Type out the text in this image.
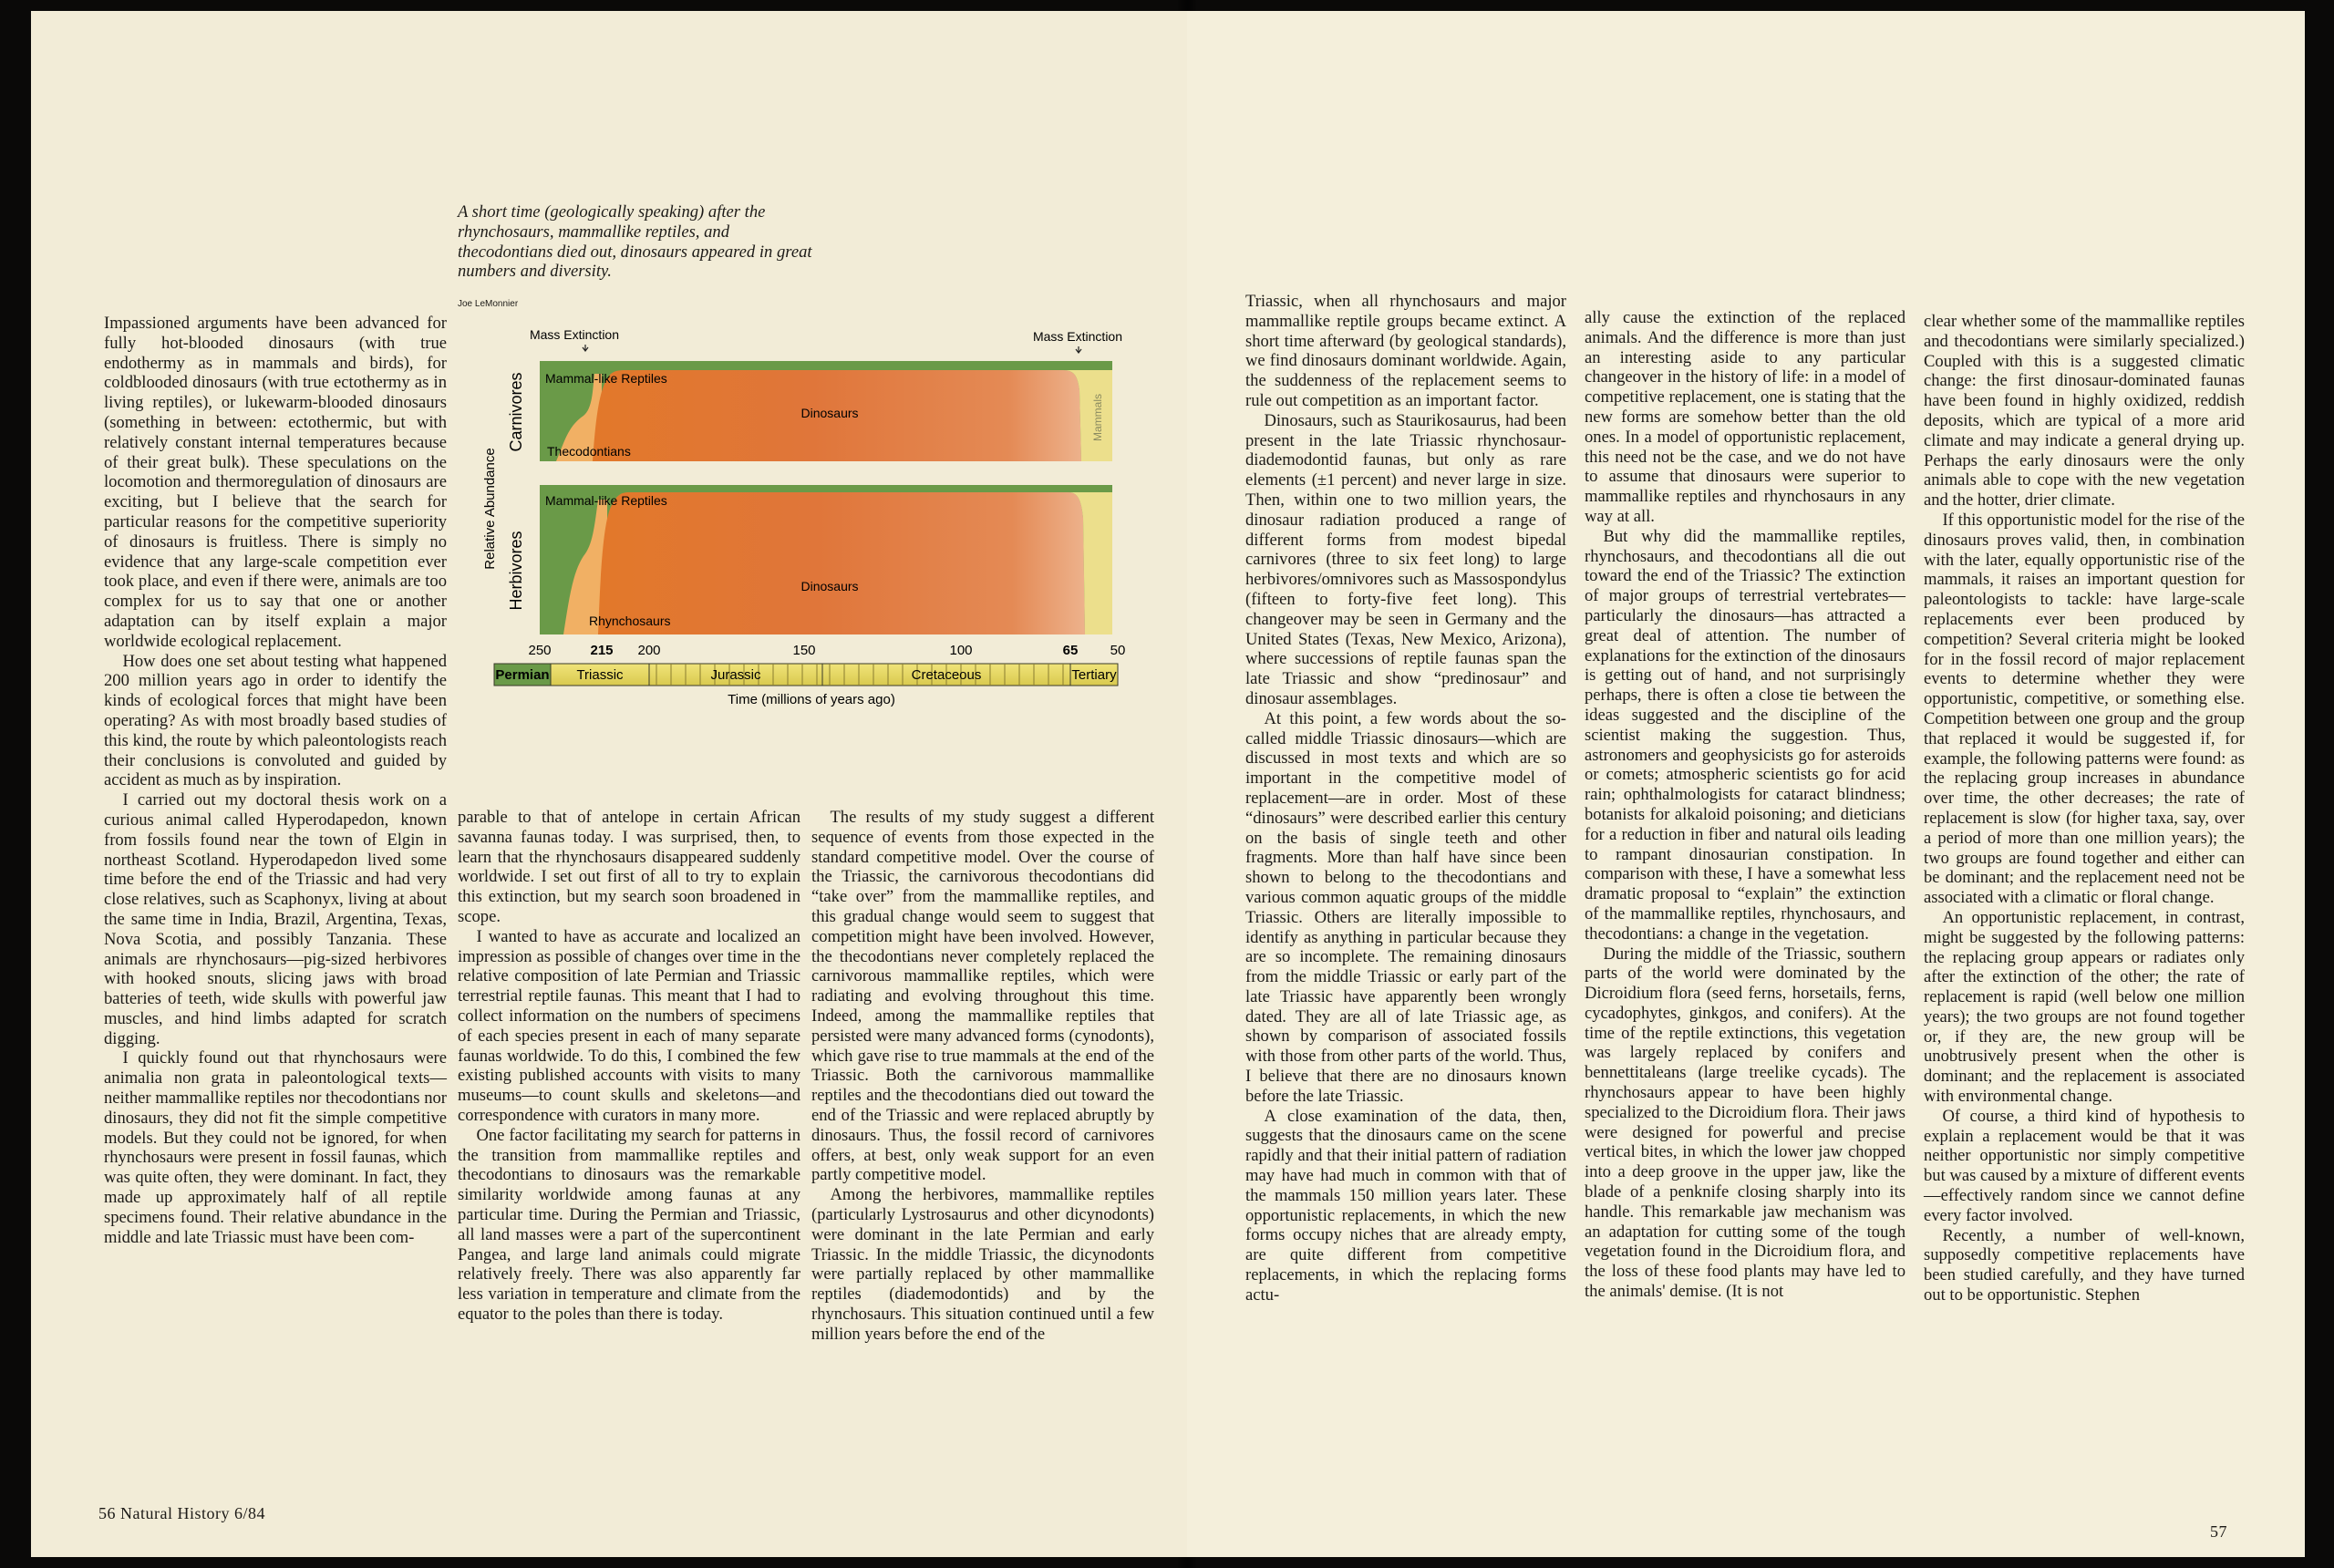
A short time (geologically speaking) after the rhynchosaurs, mammallike reptiles, and thecodontians died out, dinosaurs appeared in great numbers and diversity.
Joe LeMonnier
Mass Extinction	Mass Extinction
Relative Abundance
Carnivores
Herbivores
Mammal-like Reptiles
Thecodontians
Dinosaurs	Mammals
Mammal-like Reptiles
Rhynchosaurs
Dinosaurs
250	215 200	150	100	65 50
Permian Triassic	Jurassic	Cretaceous	Tertiary
Time (millions of years ago)

Impassioned arguments have been advanced for fully hot-blooded dinosaurs (with true endothermy as in mammals and birds), for coldblooded dinosaurs (with true ectothermy as in living reptiles), or lukewarm-blooded dinosaurs (something in between: ectothermic, but with relatively constant internal temperatures because of their great bulk). These speculations on the locomotion and thermoregulation of dinosaurs are exciting, but I believe that the search for particular reasons for the competitive superiority of dinosaurs is fruitless. There is simply no evidence that any large-scale competition ever took place, and even if there were, animals are too complex for us to say that one or another adaptation can by itself explain a major worldwide ecological replacement.

How does one set about testing what happened 200 million years ago in order to identify the kinds of ecological forces that might have been operating? As with most broadly based studies of this kind, the route by which paleontologists reach their conclusions is convoluted and guided by accident as much as by inspiration.

I carried out my doctoral thesis work on a curious animal called Hyperodapedon, known from fossils found near the town of Elgin in northeast Scotland. Hyperodapedon lived some time before the end of the Triassic and had very close relatives, such as Scaphonyx, living at about the same time in India, Brazil, Argentina, Texas, Nova Scotia, and possibly Tanzania. These animals are rhynchosaurs—pig-sized herbivores with hooked snouts, slicing jaws with broad batteries of teeth, wide skulls with powerful jaw muscles, and hind limbs adapted for scratch digging.

I quickly found out that rhynchosaurs were animalia non grata in paleontological texts—neither mammallike reptiles nor thecodontians nor dinosaurs, they did not fit the simple competitive models. But they could not be ignored, for when rhynchosaurs were present in fossil faunas, which was quite often, they were dominant. In fact, they made up approximately half of all reptile specimens found. Their relative abundance in the middle and late Triassic must have been com-

parable to that of antelope in certain African savanna faunas today. I was surprised, then, to learn that the rhynchosaurs disappeared suddenly worldwide. I set out first of all to try to explain this extinction, but my search soon broadened in scope.

I wanted to have as accurate and localized an impression as possible of changes over time in the relative composition of late Permian and Triassic terrestrial reptile faunas. This meant that I had to collect information on the numbers of specimens of each species present in each of many separate faunas worldwide. To do this, I combined the few existing published accounts with visits to many museums—to count skulls and skeletons—and correspondence with curators in many more.

One factor facilitating my search for patterns in the transition from mammallike reptiles and thecodontians to dinosaurs was the remarkable similarity worldwide among faunas at any particular time. During the Permian and Triassic, all land masses were a part of the supercontinent Pangea, and large land animals could migrate relatively freely. There was also apparently far less variation in temperature and climate from the equator to the poles than there is today.

The results of my study suggest a different sequence of events from those expected in the standard competitive model. Over the course of the Triassic, the carnivorous thecodontians did “take over” from the mammallike reptiles, and this gradual change would seem to suggest that competition might have been involved. However, the thecodontians never completely replaced the carnivorous mammallike reptiles, which were radiating and evolving throughout this time. Indeed, among the mammallike reptiles that persisted were many advanced forms (cynodonts), which gave rise to true mammals at the end of the Triassic. Both the carnivorous mammallike reptiles and the thecodontians died out toward the end of the Triassic and were replaced abruptly by dinosaurs. Thus, the fossil record of carnivores offers, at best, only weak support for an even partly competitive model.

Among the herbivores, mammallike reptiles (particularly Lystrosaurus and other dicynodonts) were dominant in the late Permian and early Triassic. In the middle Triassic, the dicynodonts were partially replaced by other mammallike reptiles (diademodontids) and by the rhynchosaurs. This situation continued until a few million years before the end of the

56 Natural History 6/84

Triassic, when all rhynchosaurs and major mammallike reptile groups became extinct. A short time afterward (by geological standards), we find dinosaurs dominant worldwide. Again, the suddenness of the replacement seems to rule out competition as an important factor.

Dinosaurs, such as Staurikosaurus, had been present in the late Triassic rhynchosaur-diademodontid faunas, but only as rare elements (±1 percent) and never large in size. Then, within one to two million years, the dinosaur radiation produced a range of different forms from modest bipedal carnivores (three to six feet long) to large herbivores/omnivores such as Massospondylus (fifteen to forty-five feet long). This changeover may be seen in Germany and the United States (Texas, New Mexico, Arizona), where successions of reptile faunas span the late Triassic and show “predinosaur” and dinosaur assemblages.

At this point, a few words about the so-called middle Triassic dinosaurs—which are discussed in most texts and which are so important in the competitive model of replacement—are in order. Most of these “dinosaurs” were described earlier this century on the basis of single teeth and other fragments. More than half have since been shown to belong to the thecodontians and various common aquatic groups of the middle Triassic. Others are literally impossible to identify as anything in particular because they are so incomplete. The remaining dinosaurs from the middle Triassic or early part of the late Triassic have apparently been wrongly dated. They are all of late Triassic age, as shown by comparison of associated fossils with those from other parts of the world. Thus, I believe that there are no dinosaurs known before the late Triassic.

A close examination of the data, then, suggests that the dinosaurs came on the scene rapidly and that their initial pattern of radiation may have had much in common with that of the mammals 150 million years later. These opportunistic replacements, in which the new forms occupy niches that are already empty, are quite different from competitive replacements, in which the replacing forms actu-

ally cause the extinction of the replaced animals. And the difference is more than just an interesting aside to any particular changeover in the history of life: in a model of competitive replacement, one is stating that the new forms are somehow better than the old ones. In a model of opportunistic replacement, this need not be the case, and we do not have to assume that dinosaurs were superior to mammallike reptiles and rhynchosaurs in any way at all.

But why did the mammallike reptiles, rhynchosaurs, and thecodontians all die out toward the end of the Triassic? The extinction of major groups of terrestrial vertebrates—particularly the dinosaurs—has attracted a great deal of attention. The number of explanations for the extinction of the dinosaurs is getting out of hand, and not surprisingly perhaps, there is often a close tie between the ideas suggested and the discipline of the scientist making the suggestion. Thus, astronomers and geophysicists go for asteroids or comets; atmospheric scientists go for acid rain; ophthalmologists for cataract blindness; botanists for alkaloid poisoning; and dieticians for a reduction in fiber and natural oils leading to rampant dinosaurian constipation. In comparison with these, I have a somewhat less dramatic proposal to “explain” the extinction of the mammallike reptiles, rhynchosaurs, and thecodontians: a change in the vegetation.

During the middle of the Triassic, southern parts of the world were dominated by the Dicroidium flora (seed ferns, horsetails, ferns, cycadophytes, ginkgos, and conifers). At the time of the reptile extinctions, this vegetation was largely replaced by conifers and bennettitaleans (large treelike cycads). The rhynchosaurs appear to have been highly specialized to the Dicroidium flora. Their jaws were designed for powerful and precise vertical bites, in which the lower jaw chopped into a deep groove in the upper jaw, like the blade of a penknife closing sharply into its handle. This remarkable jaw mechanism was an adaptation for cutting some of the tough vegetation found in the Dicroidium flora, and the loss of these food plants may have led to the animals' demise. (It is not

clear whether some of the mammallike reptiles and thecodontians were similarly specialized.) Coupled with this is a suggested climatic change: the first dinosaur-dominated faunas have been found in highly oxidized, reddish deposits, which are typical of a more arid climate and may indicate a general drying up. Perhaps the early dinosaurs were the only animals able to cope with the new vegetation and the hotter, drier climate.

If this opportunistic model for the rise of the dinosaurs proves valid, then, in combination with the later, equally opportunistic rise of the mammals, it raises an important question for paleontologists to tackle: have large-scale replacements ever been produced by competition? Several criteria might be looked for in the fossil record of major replacement events to determine whether they were opportunistic, competitive, or something else. Competition between one group and the group that replaced it would be suggested if, for example, the following patterns were found: as the replacing group increases in abundance over time, the other decreases; the rate of replacement is slow (for higher taxa, say, over a period of more than one million years); the two groups are found together and either can be dominant; and the replacement need not be associated with a climatic or floral change.

An opportunistic replacement, in contrast, might be suggested by the following patterns: the replacing group appears or radiates only after the extinction of the other; the rate of replacement is rapid (well below one million years); the two groups are not found together or, if they are, the new group will be unobtrusively present when the other is dominant; and the replacement is associated with environmental change.

Of course, a third kind of hypothesis to explain a replacement would be that it was neither opportunistic nor simply competitive but was caused by a mixture of different events—effectively random since we cannot define every factor involved.

Recently, a number of well-known, supposedly competitive replacements have been studied carefully, and they have turned out to be opportunistic. Stephen

57
